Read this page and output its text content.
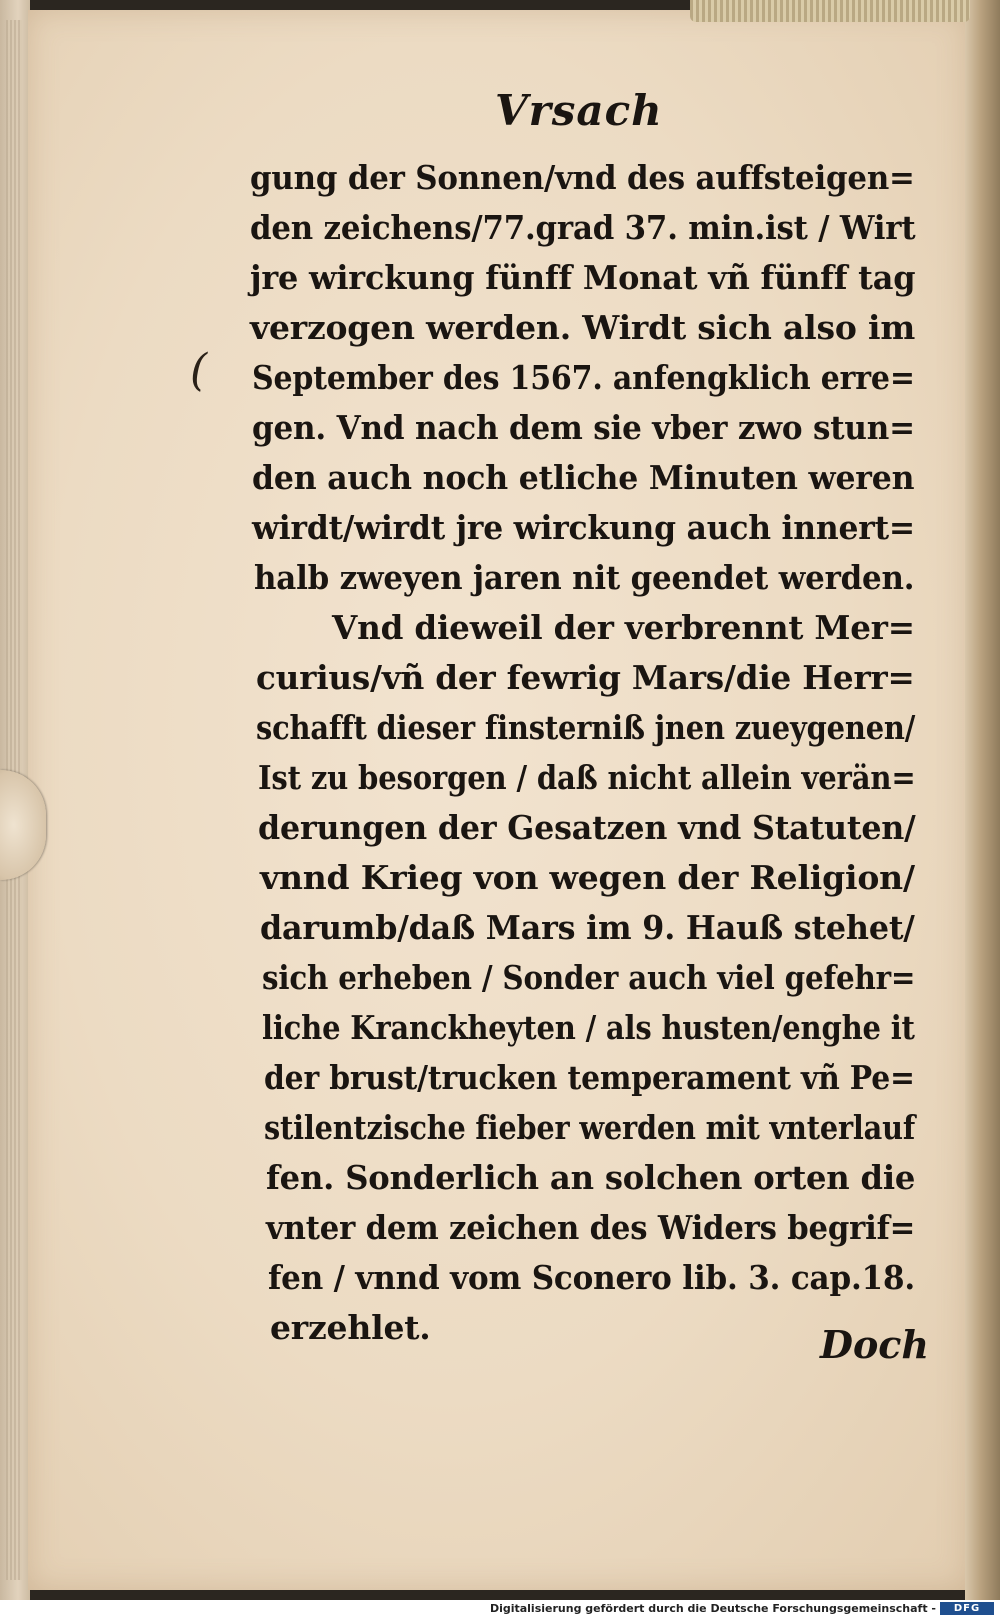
Vrsach
(
gung der Sonnen/vnd des auffsteigen=
den zeichens/77.grad 37. min.ist / Wirt
jre wirckung fünff Monat vñ fünff tag
verzogen werden. Wirdt sich also im
September des 1567. anfengklich erre=
gen. Vnd nach dem sie vber zwo stun=
den auch noch etliche Minuten weren
wirdt/wirdt jre wirckung auch innert=
halb zweyen jaren nit geendet werden.
Vnd dieweil der verbrennt Mer=
curius/vñ der fewrig Mars/die Herr=
schafft dieser finsterniß jnen zueygenen/
Ist zu besorgen / daß nicht allein verän=
derungen der Gesatzen vnd Statuten/
vnnd Krieg von wegen der Religion/
darumb/daß Mars im 9. Hauß stehet/
sich erheben / Sonder auch viel gefehr=
liche Kranckheyten / als husten/enghe it
der brust/trucken temperament vñ Pe=
stilentzische fieber werden mit vnterlauf
fen. Sonderlich an solchen orten die
vnter dem zeichen des Widers begrif=
fen / vnnd vom Sconero lib. 3. cap.18.
erzehlet.	Doch
Digitalisierung gefördert durch die Deutsche Forschungsgemeinschaft -	DFG
